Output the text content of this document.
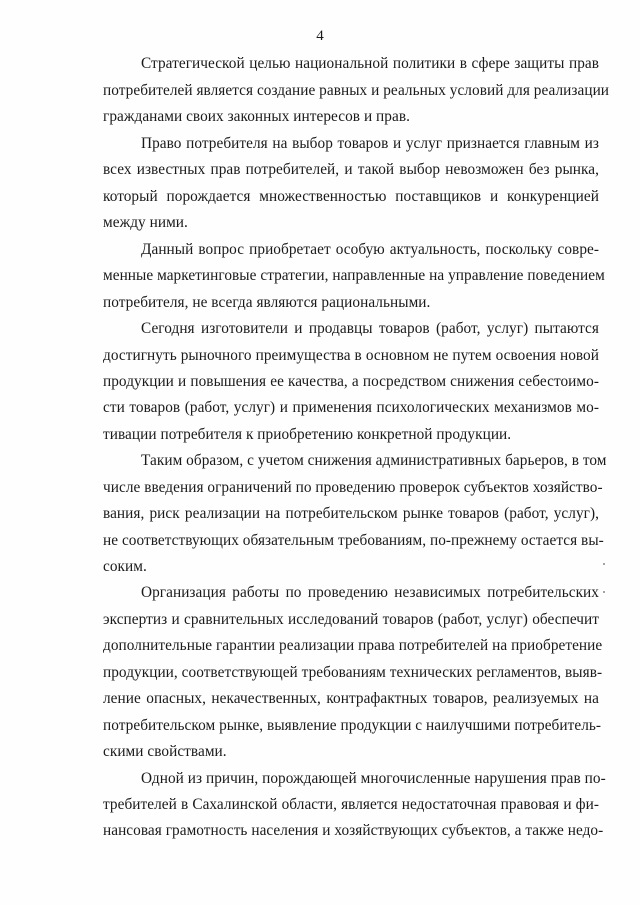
4
Стратегической целью национальной политики в сфере защиты прав
потребителей является создание равных и реальных условий для реализации
гражданами своих законных интересов и прав.
Право потребителя на выбор товаров и услуг признается главным из
всех известных прав потребителей, и такой выбор невозможен без рынка,
который порождается множественностью поставщиков и конкуренцией
между ними.
Данный вопрос приобретает особую актуальность, поскольку совре-
менные маркетинговые стратегии, направленные на управление поведением
потребителя, не всегда являются рациональными.
Сегодня изготовители и продавцы товаров (работ, услуг) пытаются
достигнуть рыночного преимущества в основном не путем освоения новой
продукции и повышения ее качества, а посредством снижения себестоимо-
сти товаров (работ, услуг) и применения психологических механизмов мо-
тивации потребителя к приобретению конкретной продукции.
Таким образом, с учетом снижения административных барьеров, в том
числе введения ограничений по проведению проверок субъектов хозяйство-
вания, риск реализации на потребительском рынке товаров (работ, услуг),
не соответствующих обязательным требованиям, по-прежнему остается вы-
соким.
Организация работы по проведению независимых потребительских
экспертиз и сравнительных исследований товаров (работ, услуг) обеспечит
дополнительные гарантии реализации права потребителей на приобретение
продукции, соответствующей требованиям технических регламентов, выяв-
ление опасных, некачественных, контрафактных товаров, реализуемых на
потребительском рынке, выявление продукции с наилучшими потребитель-
скими свойствами.
Одной из причин, порождающей многочисленные нарушения прав по-
требителей в Сахалинской области, является недостаточная правовая и фи-
нансовая грамотность населения и хозяйствующих субъектов, а также недо-
